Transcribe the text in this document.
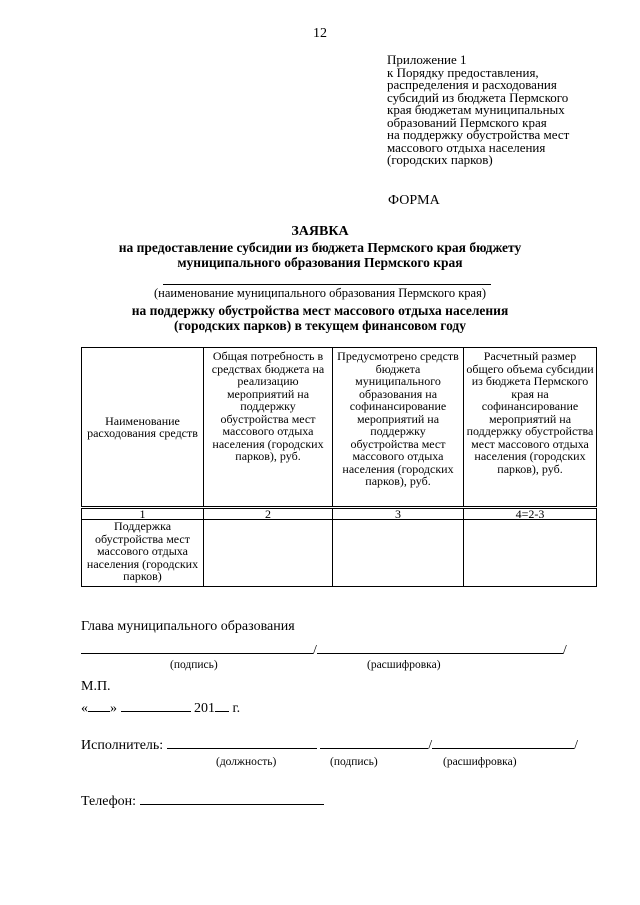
12
Приложение 1
к Порядку предоставления,
распределения и расходования
субсидий из бюджета Пермского
края бюджетам муниципальных
образований Пермского края
на поддержку обустройства мест
массового отдыха населения
(городских парков)
ФОРМА
ЗАЯВКА
на предоставление субсидии из бюджета Пермского края бюджету
муниципального образования Пермского края
(наименование муниципального образования Пермского края)
на поддержку обустройства мест массового отдыха населения
(городских парков) в текущем финансовом году
Наименование расходования средств	Общая потребность в средствах бюджета на реализацию мероприятий на поддержку обустройства мест массового отдыха населения (городских парков), руб.	Предусмотрено средств бюджета муниципального образования на софинансирование мероприятий на поддержку обустройства мест массового отдыха населения (городских парков), руб.	Расчетный размер общего объема субсидии из бюджета Пермского края на софинансирование мероприятий на поддержку обустройства мест массового отдыха населения (городских парков), руб.
1	2	3	4=2-3
Поддержка обустройства мест массового отдыха населения (городских парков)			
Глава муниципального образования
/	/
(подпись)	(расшифровка)
М.П.
« »	201 г.
Исполнитель:	/	/
(должность)	(подпись)	(расшифровка)
Телефон:
